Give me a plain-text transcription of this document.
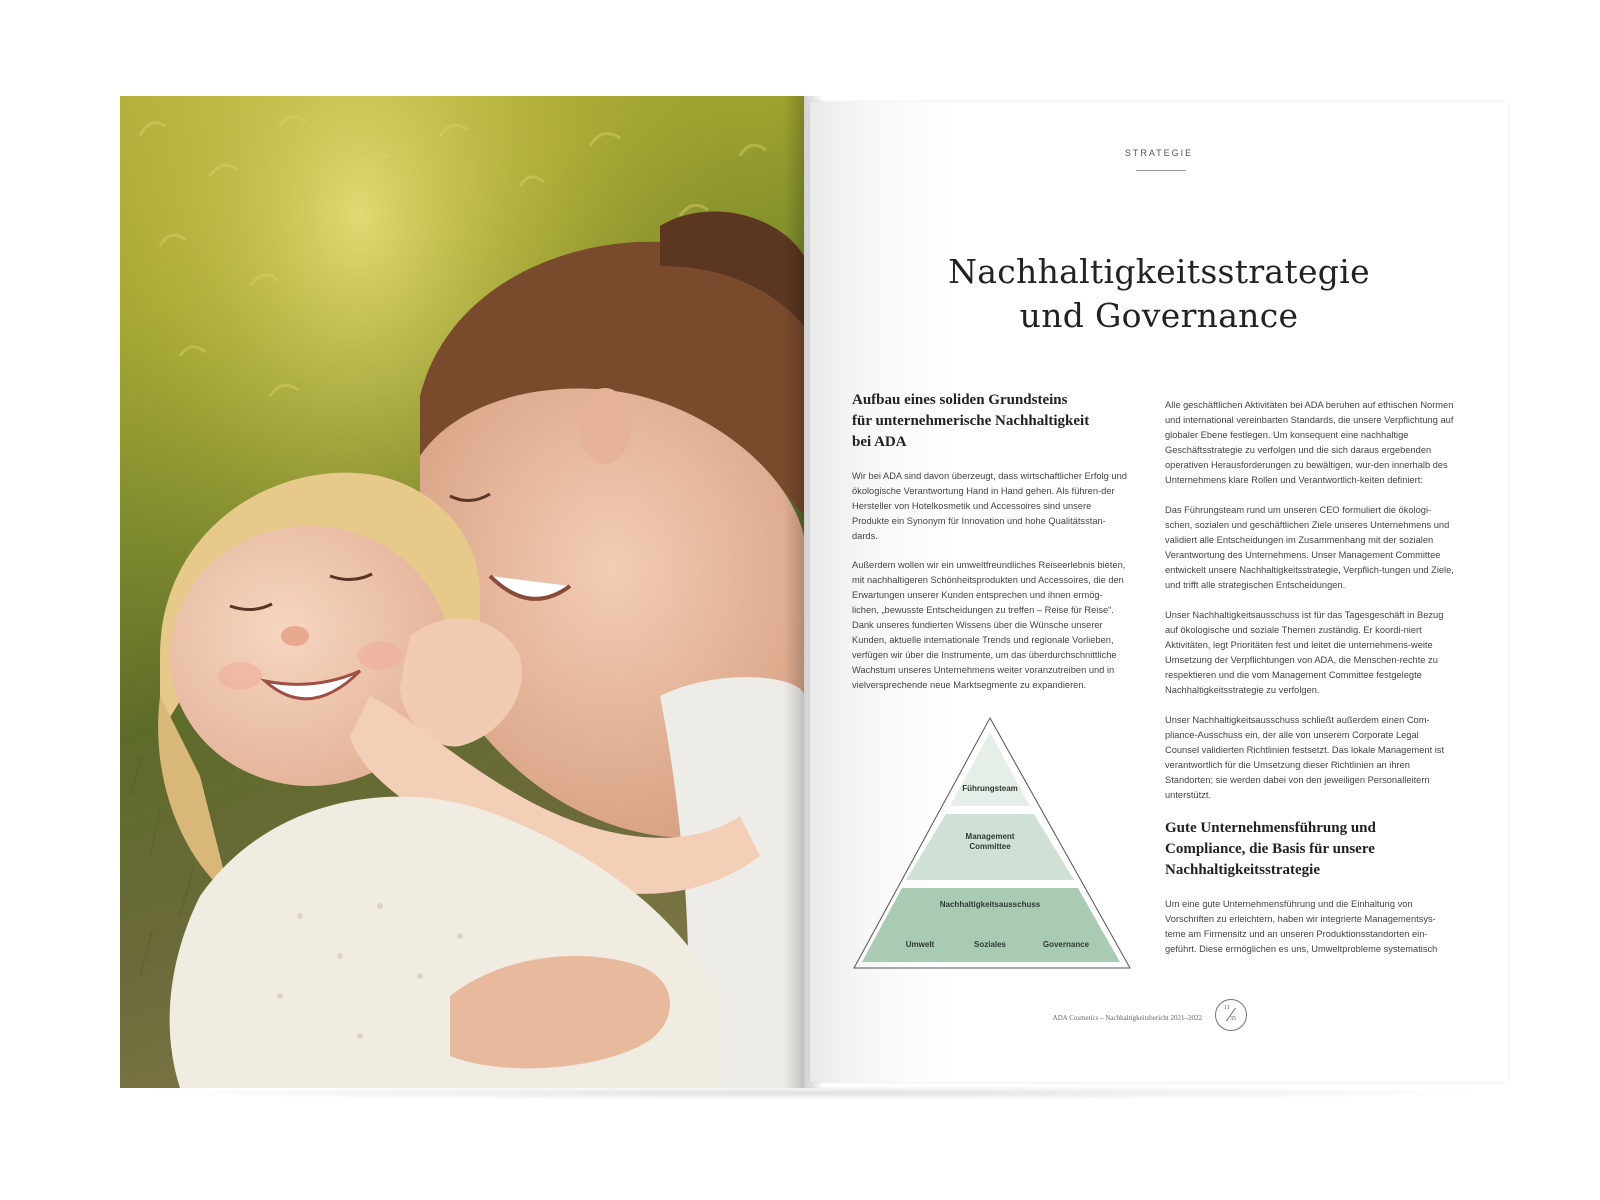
STRATEGIE
Nachhaltigkeitsstrategie
und Governance
Aufbau eines soliden Grundsteins
für unternehmerische Nachhaltigkeit
bei ADA

Wir bei ADA sind davon überzeugt, dass wirtschaftlicher Erfolg und ökologische Verantwortung Hand in Hand gehen. Als führen-der Hersteller von Hotelkosmetik und Accessoires sind unsere Produkte ein Synonym für Innovation und hohe Qualitätsstan-dards.

Außerdem wollen wir ein umweltfreundliches Reiseerlebnis bieten, mit nachhaltigeren Schönheitsprodukten und Accessoires, die den Erwartungen unserer Kunden entsprechen und ihnen ermög-lichen, „bewusste Entscheidungen zu treffen – Reise für Reise“. Dank unseres fundierten Wissens über die Wünsche unserer Kunden, aktuelle internationale Trends und regionale Vorlieben, verfügen wir über die Instrumente, um das überdurchschnittliche Wachstum unseres Unternehmens weiter voranzutreiben und in vielversprechende neue Marktsegmente zu expandieren.

Führungsteam
Management
Committee
Nachhaltigkeitsausschuss
Umwelt	Soziales	Governance

Alle geschäftlichen Aktivitäten bei ADA beruhen auf ethischen Normen und international vereinbarten Standards, die unsere Verpflichtung auf globaler Ebene festlegen. Um konsequent eine nachhaltige Geschäftsstrategie zu verfolgen und die sich daraus ergebenden operativen Herausforderungen zu bewältigen, wur-den innerhalb des Unternehmens klare Rollen und Verantwortlich-keiten definiert:

Das Führungsteam rund um unseren CEO formuliert die ökologi-schen, sozialen und geschäftlichen Ziele unseres Unternehmens und validiert alle Entscheidungen im Zusammenhang mit der sozialen Verantwortung des Unternehmens. Unser Management Committee entwickelt unsere Nachhaltigkeitsstrategie, Verpflich-tungen und Ziele, und trifft alle strategischen Entscheidungen.

Unser Nachhaltigkeitsausschuss ist für das Tagesgeschäft in Bezug auf ökologische und soziale Themen zuständig. Er koordi-niert Aktivitäten, legt Prioritäten fest und leitet die unternehmens-weite Umsetzung der Verpflichtungen von ADA, die Menschen-rechte zu respektieren und die vom Management Committee festgelegte Nachhaltigkeitsstrategie zu verfolgen.

Unser Nachhaltigkeitsausschuss schließt außerdem einen Com-pliance-Ausschuss ein, der alle von unserem Corporate Legal Counsel validierten Richtlinien festsetzt. Das lokale Management ist verantwortlich für die Umsetzung dieser Richtlinien an ihren Standorten; sie werden dabei von den jeweiligen Personalleitern unterstützt.

Gute Unternehmensführung und
Compliance, die Basis für unsere
Nachhaltigkeitsstrategie

Um eine gute Unternehmensführung und die Einhaltung von Vorschriften zu erleichtern, haben wir integrierte Managementsys-teme am Firmensitz und an unseren Produktionsstandorten ein-geführt. Diese ermöglichen es uns, Umweltprobleme systematisch

ADA Cosmetics – Nachhaltigkeitsbericht 2021–2022
11
35
